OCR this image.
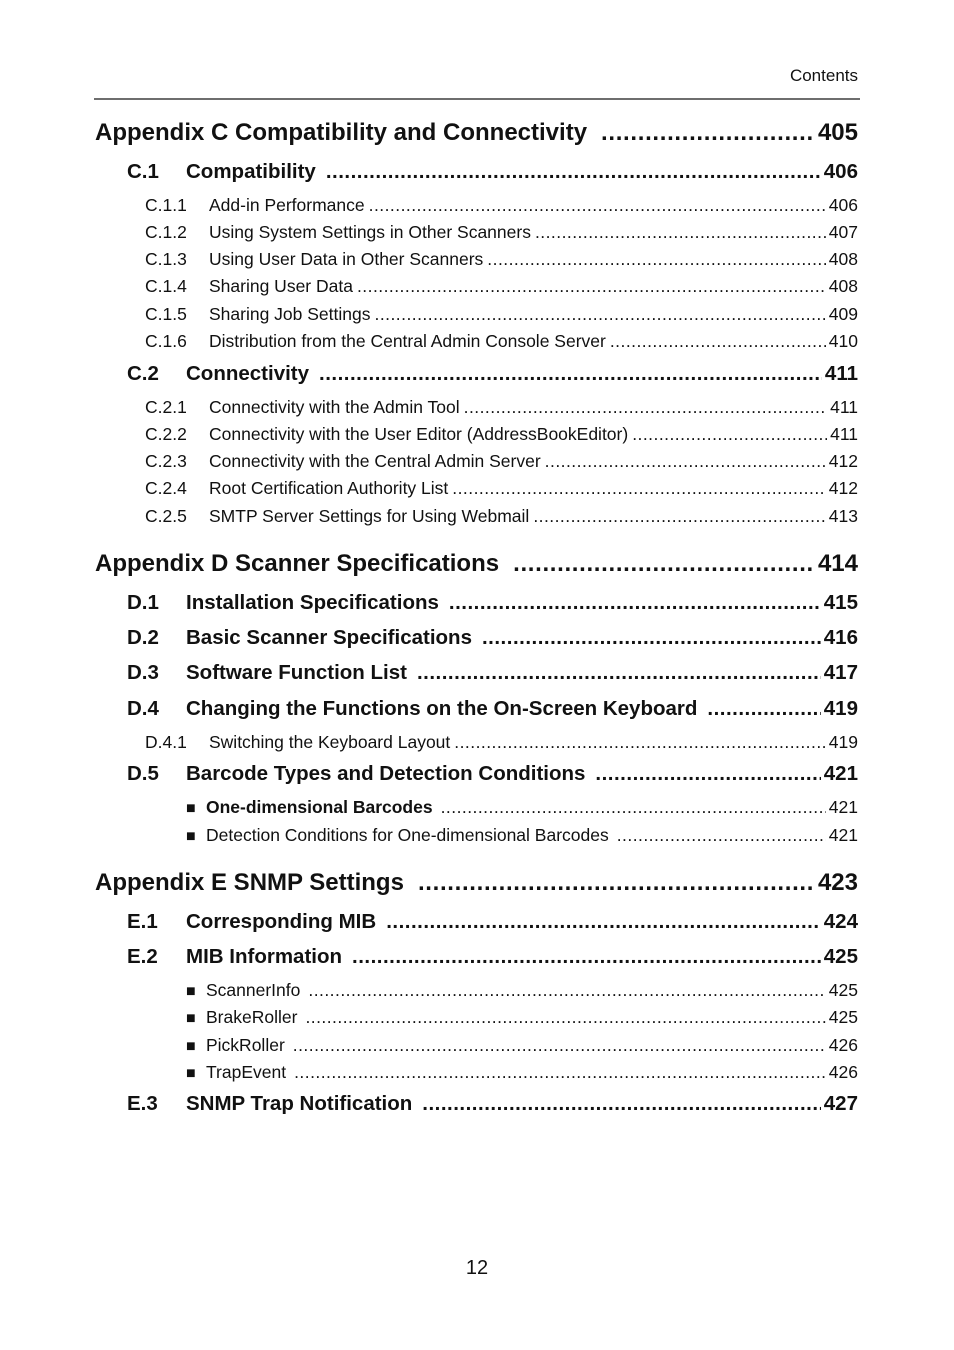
Contents
Appendix C Compatibility and Connectivity . . .	405
C.1	Compatibility . . .	406
C.1.1	Add-in Performance . . .	406
C.1.2	Using System Settings in Other Scanners . . .	407
C.1.3	Using User Data in Other Scanners . . .	408
C.1.4	Sharing User Data . . .	408
C.1.5	Sharing Job Settings . . .	409
C.1.6	Distribution from the Central Admin Console Server . . .	410
C.2	Connectivity . . .	411
C.2.1	Connectivity with the Admin Tool . . .	411
C.2.2	Connectivity with the User Editor (AddressBookEditor) . . .	411
C.2.3	Connectivity with the Central Admin Server . . .	412
C.2.4	Root Certification Authority List . . .	412
C.2.5	SMTP Server Settings for Using Webmail . . .	413
Appendix D Scanner Specifications . . .	414
D.1	Installation Specifications . . .	415
D.2	Basic Scanner Specifications . . .	416
D.3	Software Function List . . .	417
D.4	Changing the Functions on the On-Screen Keyboard . . .	419
D.4.1	Switching the Keyboard Layout . . .	419
D.5	Barcode Types and Detection Conditions . . .	421
■ One-dimensional Barcodes . . .	421
■ Detection Conditions for One-dimensional Barcodes . . .	421
Appendix E SNMP Settings . . .	423
E.1	Corresponding MIB . . .	424
E.2	MIB Information . . .	425
■ ScannerInfo . . .	425
■ BrakeRoller . . .	425
■ PickRoller . . .	426
■ TrapEvent . . .	426
E.3	SNMP Trap Notification . . .	427
12
